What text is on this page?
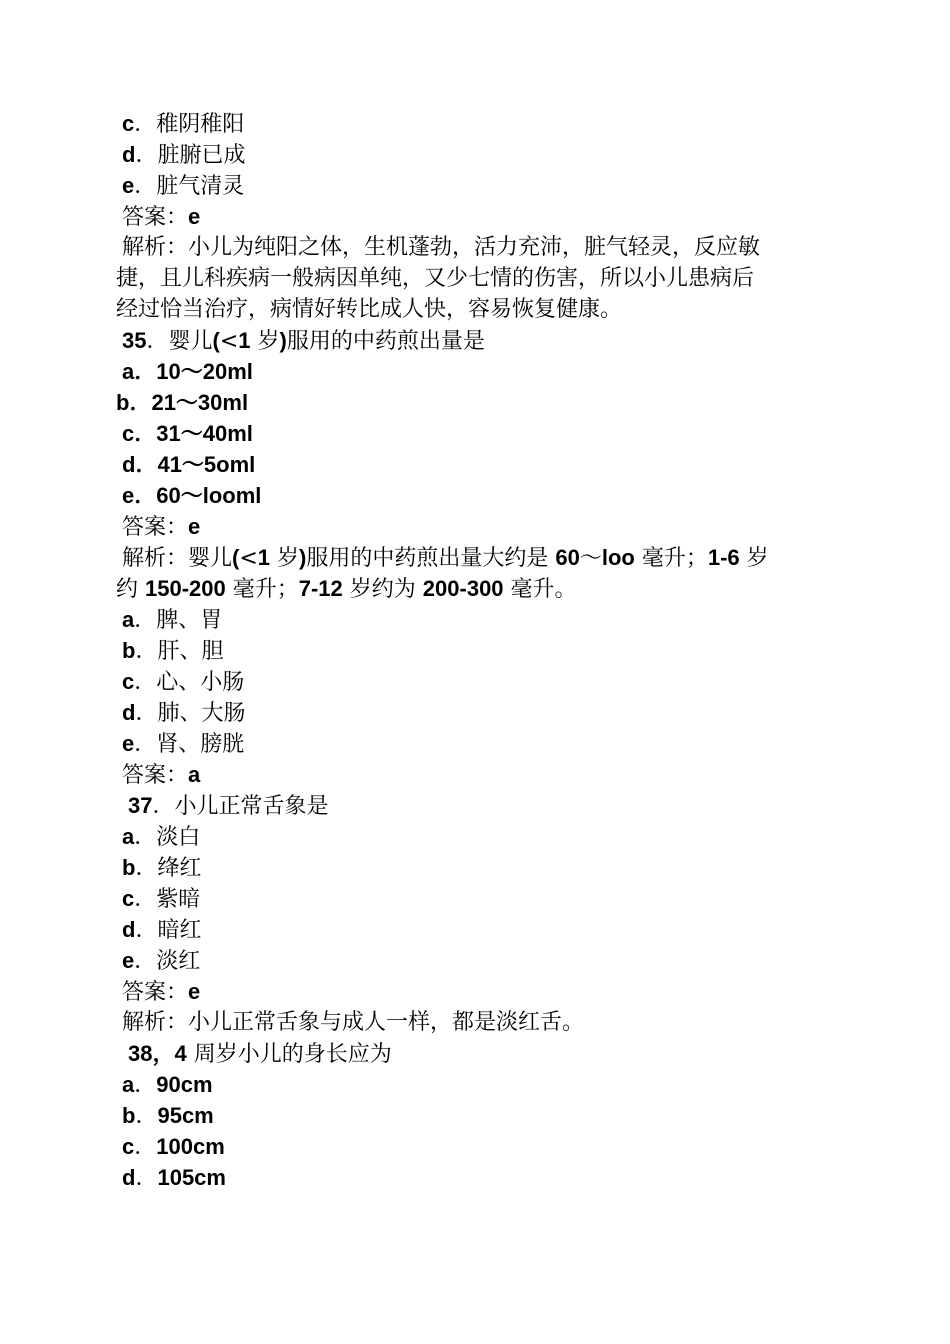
c．稚阴稚阳
d．脏腑已成
e．脏气清灵
答案：e
解析：小儿为纯阳之体，生机蓬勃，活力充沛，脏气轻灵，反应敏
捷，且儿科疾病一般病因单纯，又少七情的伤害，所以小儿患病后
经过恰当治疗，病情好转比成人快，容易恢复健康。
35．婴儿(<1 岁)服用的中药煎出量是
a．10～20ml
b．21～30ml
c．31～40ml
d．41～5oml
e．60～looml
答案：e
解析：婴儿(<1 岁)服用的中药煎出量大约是 60～loo 毫升；1-6 岁
约 150-200 毫升；7-12 岁约为 200-300 毫升。
a．脾、胃
b．肝、胆
c．心、小肠
d．肺、大肠
e．肾、膀胱
答案：a
37．小儿正常舌象是
a．淡白
b．绛红
c．紫暗
d．暗红
e．淡红
答案：e
解析：小儿正常舌象与成人一样，都是淡红舌。
38，4 周岁小儿的身长应为
a．90cm
b．95cm
c．100cm
d．105cm
